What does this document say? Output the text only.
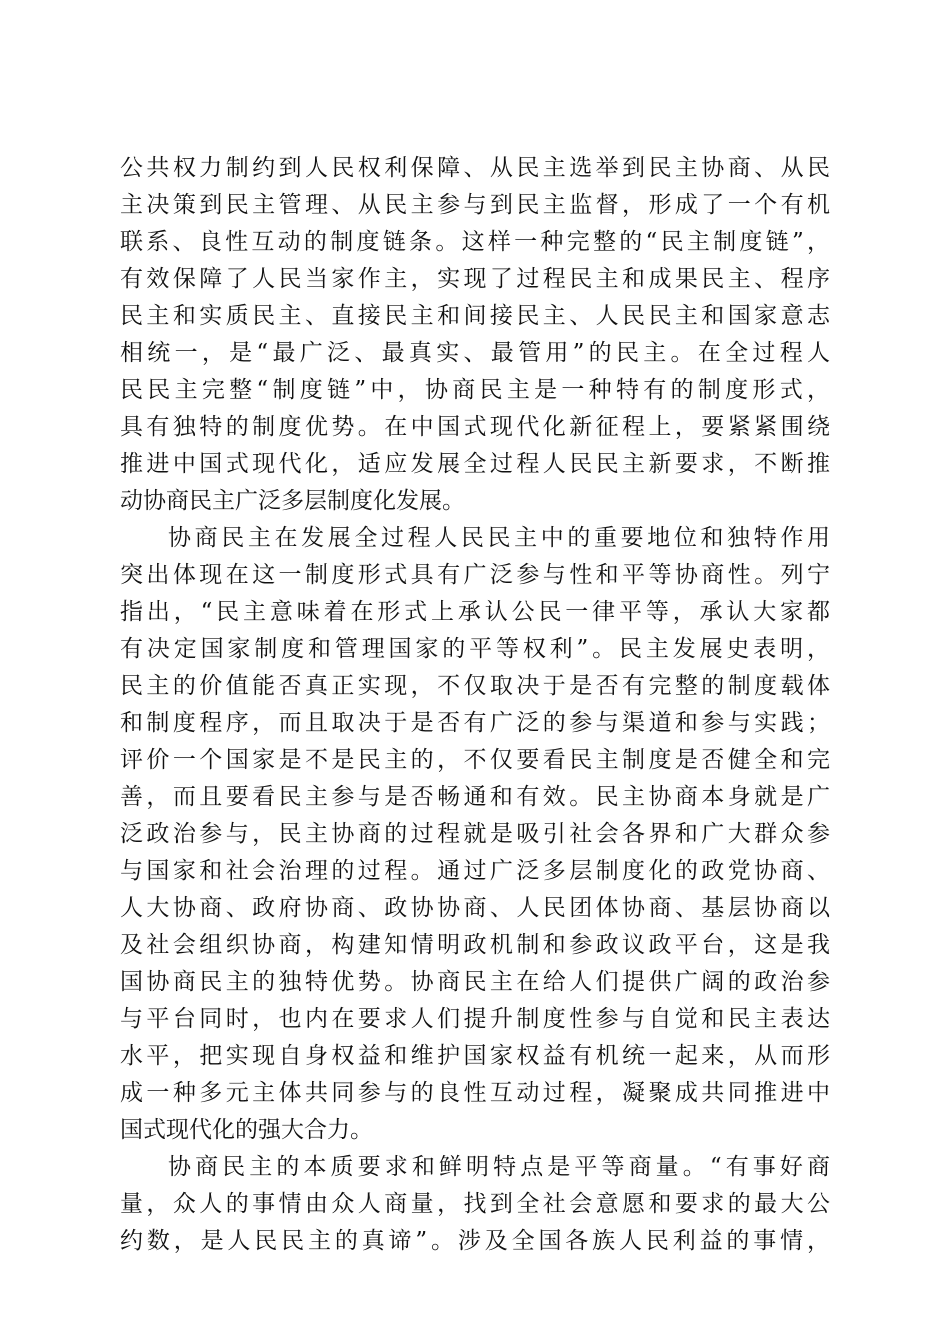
公共权力制约到人民权利保障、从民主选举到民主协商、从民
主决策到民主管理、从民主参与到民主监督，形成了一个有机
联系、良性互动的制度链条。这样一种完整的“民主制度链”，
有效保障了人民当家作主，实现了过程民主和成果民主、程序
民主和实质民主、直接民主和间接民主、人民民主和国家意志
相统一，是“最广泛、最真实、最管用”的民主。在全过程人
民民主完整“制度链”中，协商民主是一种特有的制度形式，
具有独特的制度优势。在中国式现代化新征程上，要紧紧围绕
推进中国式现代化，适应发展全过程人民民主新要求，不断推
动协商民主广泛多层制度化发展。
协商民主在发展全过程人民民主中的重要地位和独特作用
突出体现在这一制度形式具有广泛参与性和平等协商性。列宁
指出，“民主意味着在形式上承认公民一律平等，承认大家都
有决定国家制度和管理国家的平等权利”。民主发展史表明，
民主的价值能否真正实现，不仅取决于是否有完整的制度载体
和制度程序，而且取决于是否有广泛的参与渠道和参与实践；
评价一个国家是不是民主的，不仅要看民主制度是否健全和完
善，而且要看民主参与是否畅通和有效。民主协商本身就是广
泛政治参与，民主协商的过程就是吸引社会各界和广大群众参
与国家和社会治理的过程。通过广泛多层制度化的政党协商、
人大协商、政府协商、政协协商、人民团体协商、基层协商以
及社会组织协商，构建知情明政机制和参政议政平台，这是我
国协商民主的独特优势。协商民主在给人们提供广阔的政治参
与平台同时，也内在要求人们提升制度性参与自觉和民主表达
水平，把实现自身权益和维护国家权益有机统一起来，从而形
成一种多元主体共同参与的良性互动过程，凝聚成共同推进中
国式现代化的强大合力。
协商民主的本质要求和鲜明特点是平等商量。“有事好商
量，众人的事情由众人商量，找到全社会意愿和要求的最大公
约数，是人民民主的真谛”。涉及全国各族人民利益的事情，
